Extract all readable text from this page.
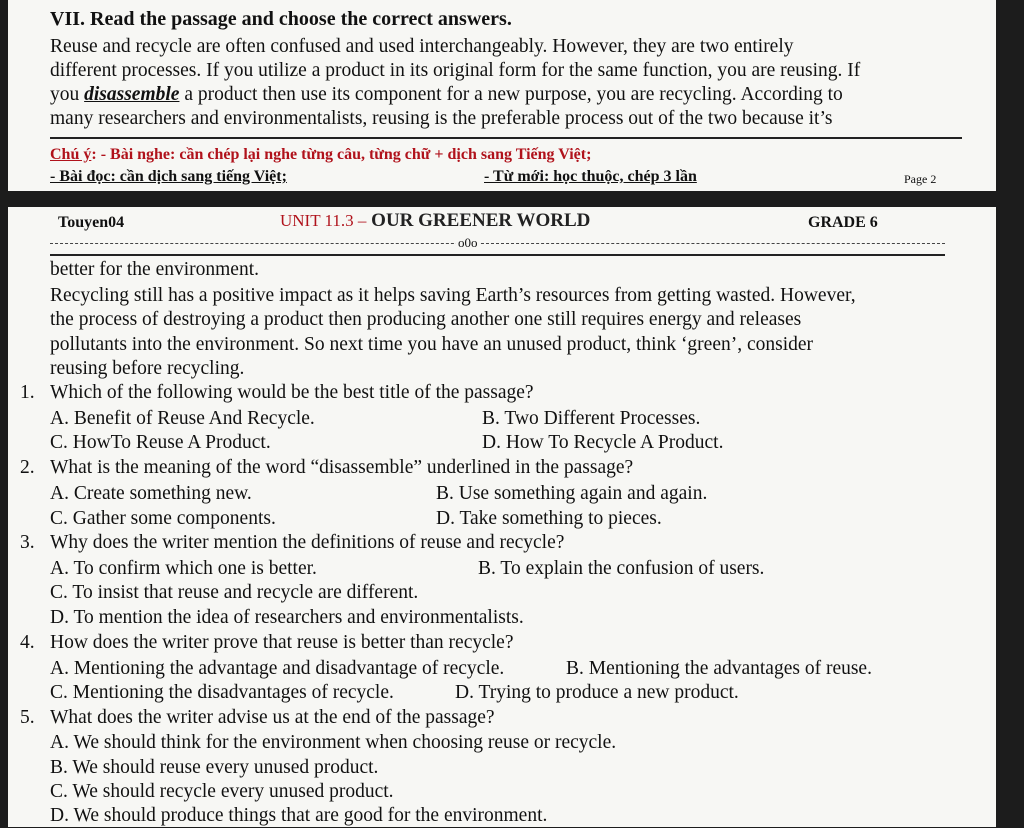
VII. Read the passage and choose the correct answers.
Reuse and recycle are often confused and used interchangeably. However, they are two entirely
different processes. If you utilize a product in its original form for the same function, you are reusing. If
you disassemble a product then use its component for a new purpose, you are recycling. According to
many researchers and environmentalists, reusing is the preferable process out of the two because it’s
Chú ý: - Bài nghe: cần chép lại nghe từng câu, từng chữ + dịch sang Tiếng Việt;
- Bài đọc: cần dịch sang tiếng Việt;	- Từ mới: học thuộc, chép 3 lần	Page 2
Touyen04	UNIT 11.3 – OUR GREENER WORLD	GRADE 6
o0o
better for the environment.
Recycling still has a positive impact as it helps saving Earth’s resources from getting wasted. However,
the process of destroying a product then producing another one still requires energy and releases
pollutants into the environment. So next time you have an unused product, think ‘green’, consider
reusing before recycling.
1. Which of the following would be the best title of the passage?
A. Benefit of Reuse And Recycle.	B. Two Different Processes.
C. HowTo Reuse A Product.	D. How To Recycle A Product.
2. What is the meaning of the word “disassemble” underlined in the passage?
A. Create something new.	B. Use something again and again.
C. Gather some components.	D. Take something to pieces.
3. Why does the writer mention the definitions of reuse and recycle?
A. To confirm which one is better.	B. To explain the confusion of users.
C. To insist that reuse and recycle are different.
D. To mention the idea of researchers and environmentalists.
4. How does the writer prove that reuse is better than recycle?
A. Mentioning the advantage and disadvantage of recycle.	B. Mentioning the advantages of reuse.
C. Mentioning the disadvantages of recycle.	D. Trying to produce a new product.
5. What does the writer advise us at the end of the passage?
A. We should think for the environment when choosing reuse or recycle.
B. We should reuse every unused product.
C. We should recycle every unused product.
D. We should produce things that are good for the environment.
